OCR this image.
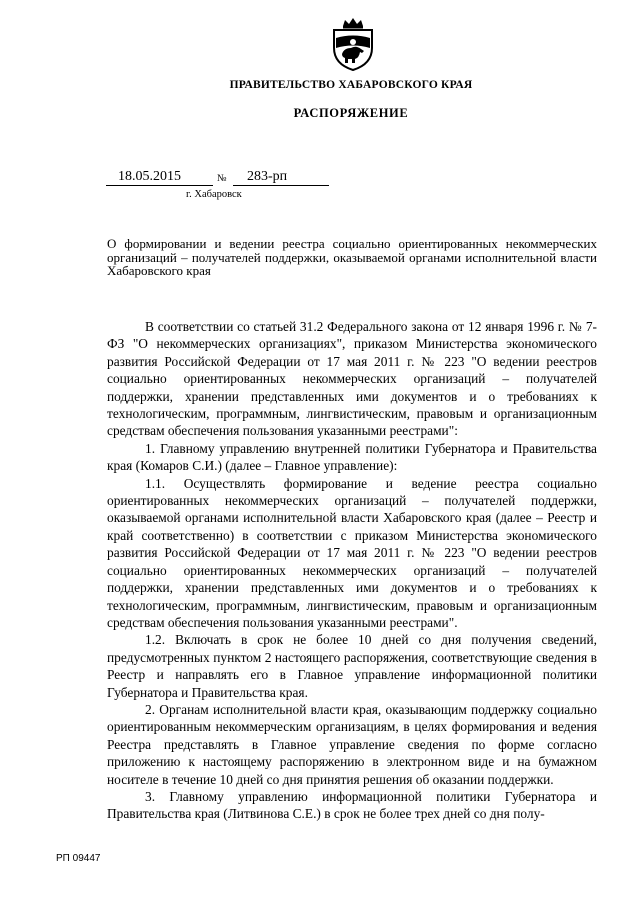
ПРАВИТЕЛЬСТВО ХАБАРОВСКОГО КРАЯ
РАСПОРЯЖЕНИЕ
18.05.2015	№	283-рп
г. Хабаровск
О формировании и ведении реестра социально ориентированных некоммерческих организаций – получателей поддержки, оказываемой органами исполнительной власти Хабаровского края

В соответствии со статьей 31.2 Федерального закона от 12 января 1996 г. № 7-ФЗ "О некоммерческих организациях", приказом Министерства экономического развития Российской Федерации от 17 мая 2011 г. № 223 "О ведении реестров социально ориентированных некоммерческих организаций – получателей поддержки, хранении представленных ими документов и о требованиях к технологическим, программным, лингвистическим, правовым и организационным средствам обеспечения пользования указанными реестрами":

1. Главному управлению внутренней политики Губернатора и Правительства края (Комаров С.И.) (далее – Главное управление):

1.1. Осуществлять формирование и ведение реестра социально ориентированных некоммерческих организаций – получателей поддержки, оказываемой органами исполнительной власти Хабаровского края (далее – Реестр и край соответственно) в соответствии с приказом Министерства экономического развития Российской Федерации от 17 мая 2011 г. № 223 "О ведении реестров социально ориентированных некоммерческих организаций – получателей поддержки, хранении представленных ими документов и о требованиях к технологическим, программным, лингвистическим, правовым и организационным средствам обеспечения пользования указанными реестрами".

1.2. Включать в срок не более 10 дней со дня получения сведений, предусмотренных пунктом 2 настоящего распоряжения, соответствующие сведения в Реестр и направлять его в Главное управление информационной политики Губернатора и Правительства края.

2. Органам исполнительной власти края, оказывающим поддержку социально ориентированным некоммерческим организациям, в целях формирования и ведения Реестра представлять в Главное управление сведения по форме согласно приложению к настоящему распоряжению в электронном виде и на бумажном носителе в течение 10 дней со дня принятия решения об оказании поддержки.

3. Главному управлению информационной политики Губернатора и Правительства края (Литвинова С.Е.) в срок не более трех дней со дня полу-

РП 09447
